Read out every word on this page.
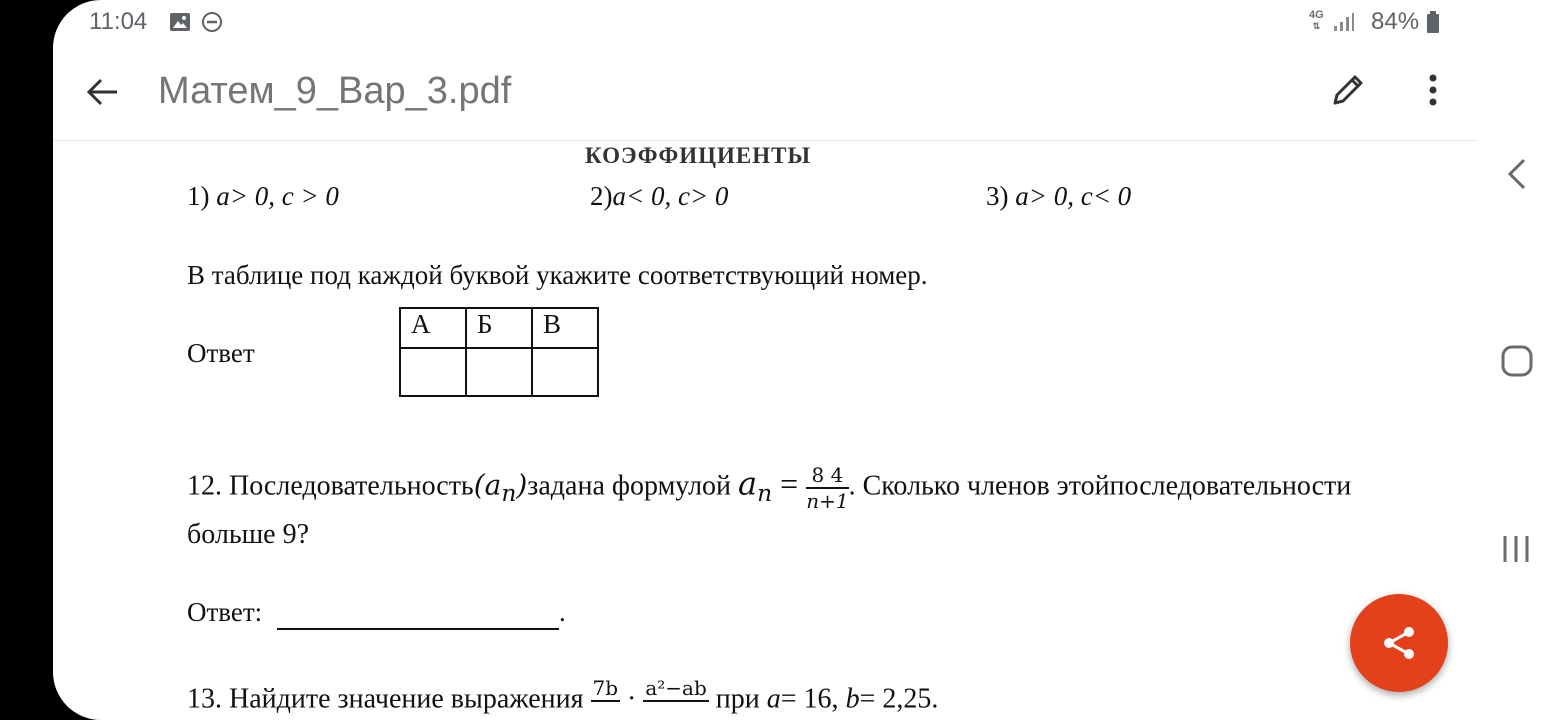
11:04	4G
⇅ 84%
Матем_9_Вар_3.pdf
КОЭФФИЦИЕНТЫ
1) a> 0, c > 0	2)a< 0, c> 0	3) a> 0, c< 0
В таблице под каждой буквой укажите соответствующий номер.
Ответ
А	Б	В

12. $Последовательность(a_n)задана$ формулой $a_n = \frac{8 4}{n+1}$ . Сколько членов этойпоследовательности
больше 9?
Ответ:	.
13. Найдите значение выражения 7b
· a²−ab
при a= 16, b= 2,25.
